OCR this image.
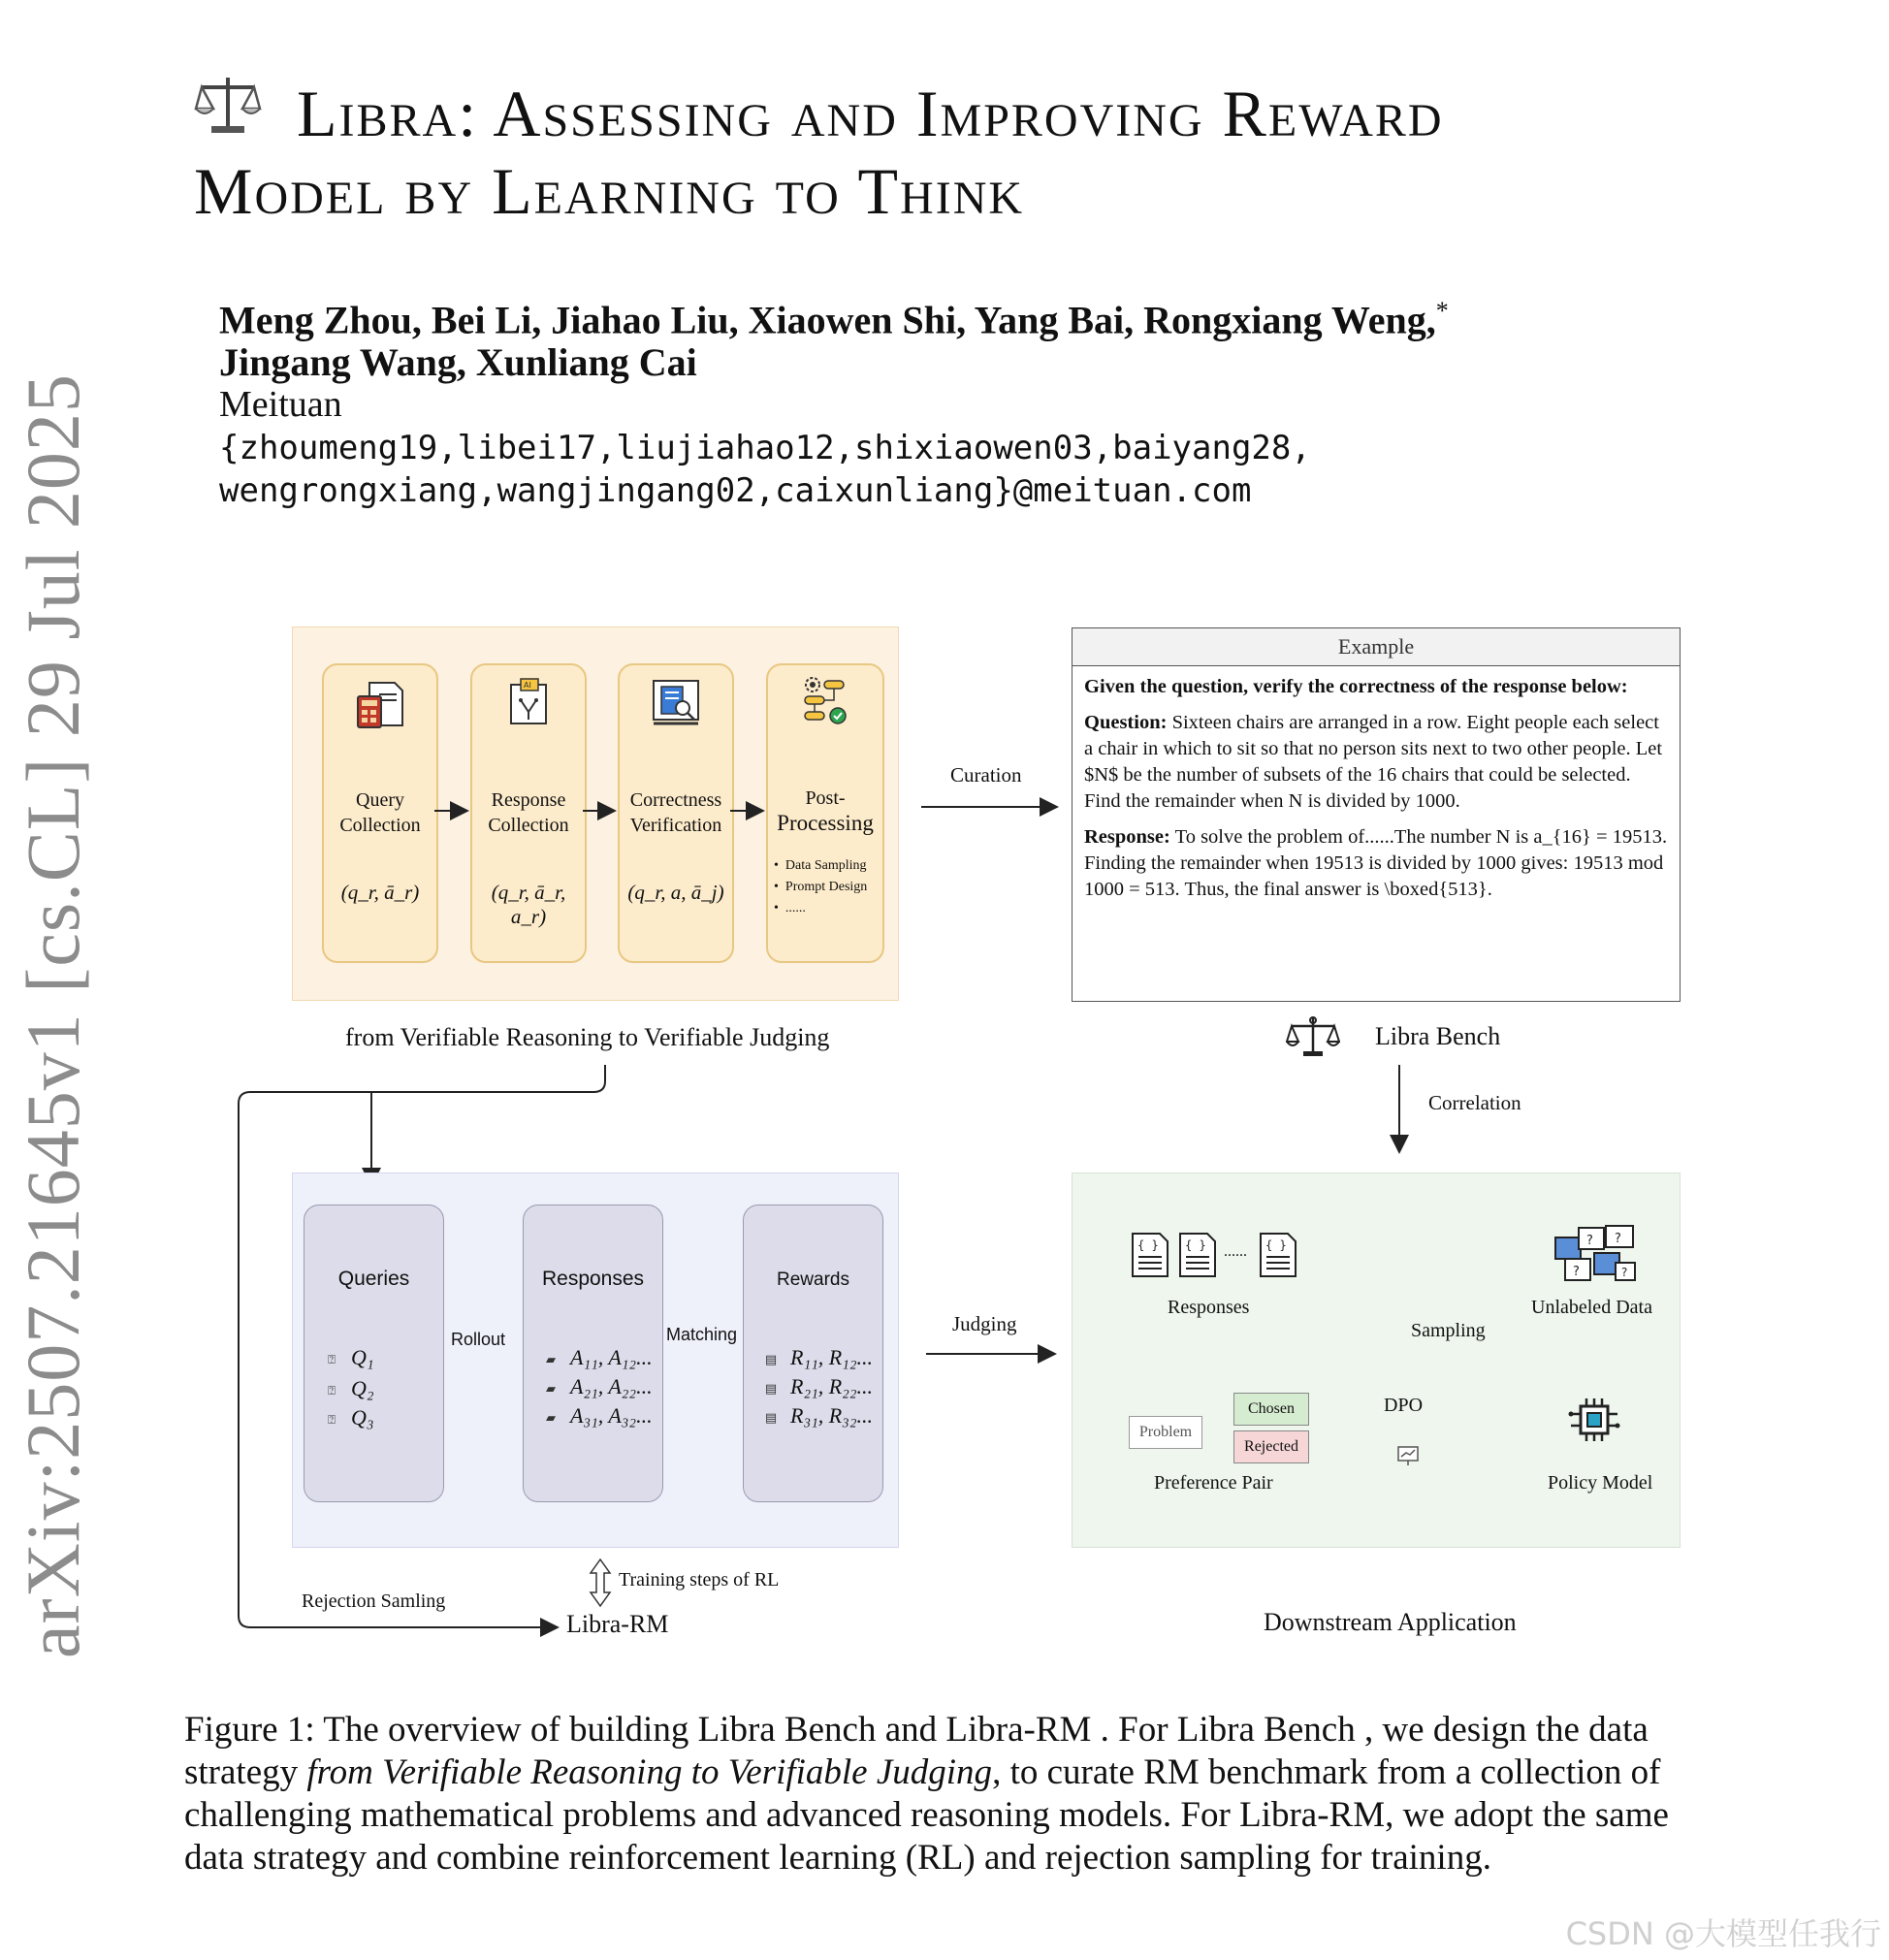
Libra: Assessing and Improving Reward
Model by Learning to Think
Meng Zhou, Bei Li, Jiahao Liu, Xiaowen Shi, Yang Bai, Rongxiang Weng,*
Jingang Wang, Xunliang Cai
Meituan
{zhoumeng19,libei17,liujiahao12,shixiaowen03,baiyang28,
wengrongxiang,wangjingang02,caixunliang}@meituan.com
arXiv:2507.21645v1 [cs.CL] 29 Jul 2025	Query
Collection
(q_r, ā_r)
AI
Response
Collection
(q_r, ā_r, a_r)
Correctness
Verification
(q_r, a, ā_j)
Post-
Processing
•  Data Sampling
•  Prompt Design
•  ......
from Verifiable Reasoning to Verifiable Judging
Curation
Example

Given the question, verify the correctness of the response below:

Question: Sixteen chairs are arranged in a row. Eight people each select a chair in which to sit so that no person sits next to two other people. Let $N$ be the number of subsets of the 16 chairs that could be selected. Find the remainder when N is divided by 1000.

Response: To solve the problem of......The number N is a_{16} = 19513. Finding the remainder when 19513 is divided by 1000 gives: 19513 mod 1000 = 513. Thus, the final answer is \boxed{513}.

Libra Bench
Correlation
Queries
⍰ Q₁
⍰ Q₂
⍰ Q₃
Rollout
Responses
▰ A₁₁, A₁₂...
▰ A₂₁, A₂₂...
▰ A₃₁, A₃₂...
Matching
Rewards
▤ R₁₁, R₁₂...
▤ R₂₁, R₂₂...
▤ R₃₁, R₃₂...
Judging
Training steps of RL
Rejection Samling
Libra-RM
{ } { } ...... { }
Responses
? ?
?	?
Unlabeled Data
Sampling
Problem
Chosen
Rejected
Preference Pair
DPO
Policy Model
Downstream Application
Figure 1: The overview of building Libra Bench and Libra-RM . For Libra Bench , we design the data strategy from Verifiable Reasoning to Verifiable Judging, to curate RM benchmark from a collection of challenging mathematical problems and advanced reasoning models. For Libra-RM, we adopt the same data strategy and combine reinforcement learning (RL) and rejection sampling for training.
CSDN @大模型任我行
